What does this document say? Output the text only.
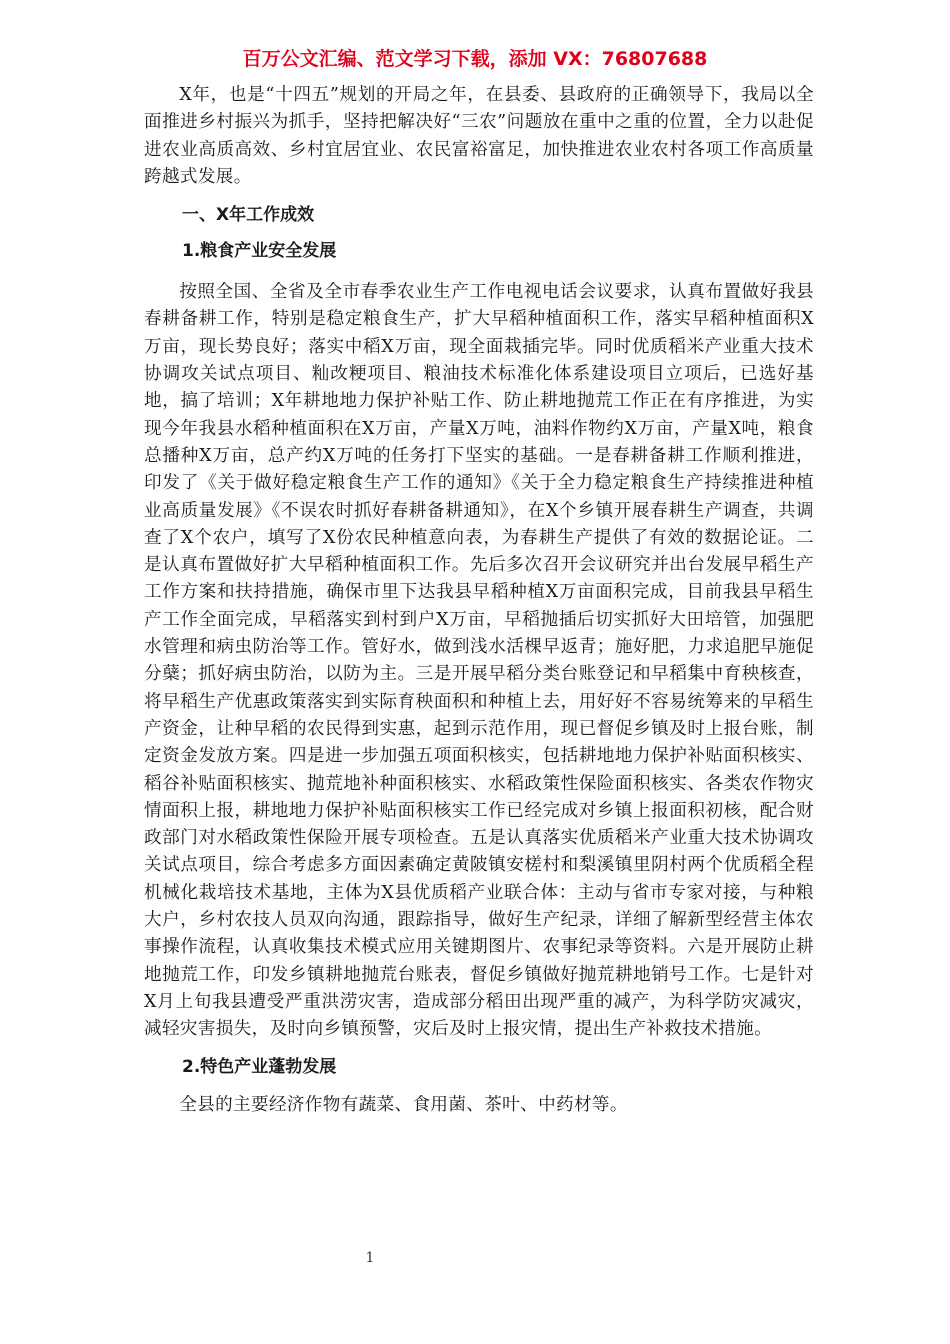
百万公文汇编、范文学习下载，添加 VX：76807688

X年，也是“十四五”规划的开局之年，在县委、县政府的正确领导下，我局以全面推进乡村振兴为抓手，坚持把解决好“三农”问题放在重中之重的位置，全力以赴促进农业高质高效、乡村宜居宜业、农民富裕富足，加快推进农业农村各项工作高质量跨越式发展。

一、X年工作成效

1.粮食产业安全发展

按照全国、全省及全市春季农业生产工作电视电话会议要求，认真布置做好我县春耕备耕工作，特别是稳定粮食生产，扩大早稻种植面积工作，落实早稻种植面积X万亩，现长势良好；落实中稻X万亩，现全面栽插完毕。同时优质稻米产业重大技术协调攻关试点项目、籼改粳项目、粮油技术标准化体系建设项目立项后，已选好基地，搞了培训；X年耕地地力保护补贴工作、防止耕地抛荒工作正在有序推进，为实现今年我县水稻种植面积在X万亩，产量X万吨，油料作物约X万亩，产量X吨，粮食总播种X万亩，总产约X万吨的任务打下坚实的基础。一是春耕备耕工作顺利推进，印发了《关于做好稳定粮食生产工作的通知》《关于全力稳定粮食生产持续推进种植业高质量发展》《不误农时抓好春耕备耕通知》，在X个乡镇开展春耕生产调查，共调查了X个农户，填写了X份农民种植意向表，为春耕生产提供了有效的数据论证。二是认真布置做好扩大早稻种植面积工作。先后多次召开会议研究并出台发展早稻生产工作方案和扶持措施，确保市里下达我县早稻种植X万亩面积完成，目前我县早稻生产工作全面完成，早稻落实到村到户X万亩，早稻抛插后切实抓好大田培管，加强肥水管理和病虫防治等工作。管好水，做到浅水活棵早返青；施好肥，力求追肥早施促分蘖；抓好病虫防治，以防为主。三是开展早稻分类台账登记和早稻集中育秧核查，将早稻生产优惠政策落实到实际育秧面积和种植上去，用好好不容易统筹来的早稻生产资金，让种早稻的农民得到实惠，起到示范作用，现已督促乡镇及时上报台账，制定资金发放方案。四是进一步加强五项面积核实，包括耕地地力保护补贴面积核实、稻谷补贴面积核实、抛荒地补种面积核实、水稻政策性保险面积核实、各类农作物灾情面积上报，耕地地力保护补贴面积核实工作已经完成对乡镇上报面积初核，配合财政部门对水稻政策性保险开展专项检查。五是认真落实优质稻米产业重大技术协调攻关试点项目，综合考虑多方面因素确定黄陂镇安槎村和梨溪镇里阴村两个优质稻全程机械化栽培技术基地，主体为X县优质稻产业联合体：主动与省市专家对接，与种粮大户，乡村农技人员双向沟通，跟踪指导，做好生产纪录，详细了解新型经营主体农事操作流程，认真收集技术模式应用关键期图片、农事纪录等资料。六是开展防止耕地抛荒工作，印发乡镇耕地抛荒台账表，督促乡镇做好抛荒耕地销号工作。七是针对X月上旬我县遭受严重洪涝灾害，造成部分稻田出现严重的减产，为科学防灾减灾，减轻灾害损失，及时向乡镇预警，灾后及时上报灾情，提出生产补救技术措施。

2.特色产业蓬勃发展

全县的主要经济作物有蔬菜、食用菌、茶叶、中药材等。

1
